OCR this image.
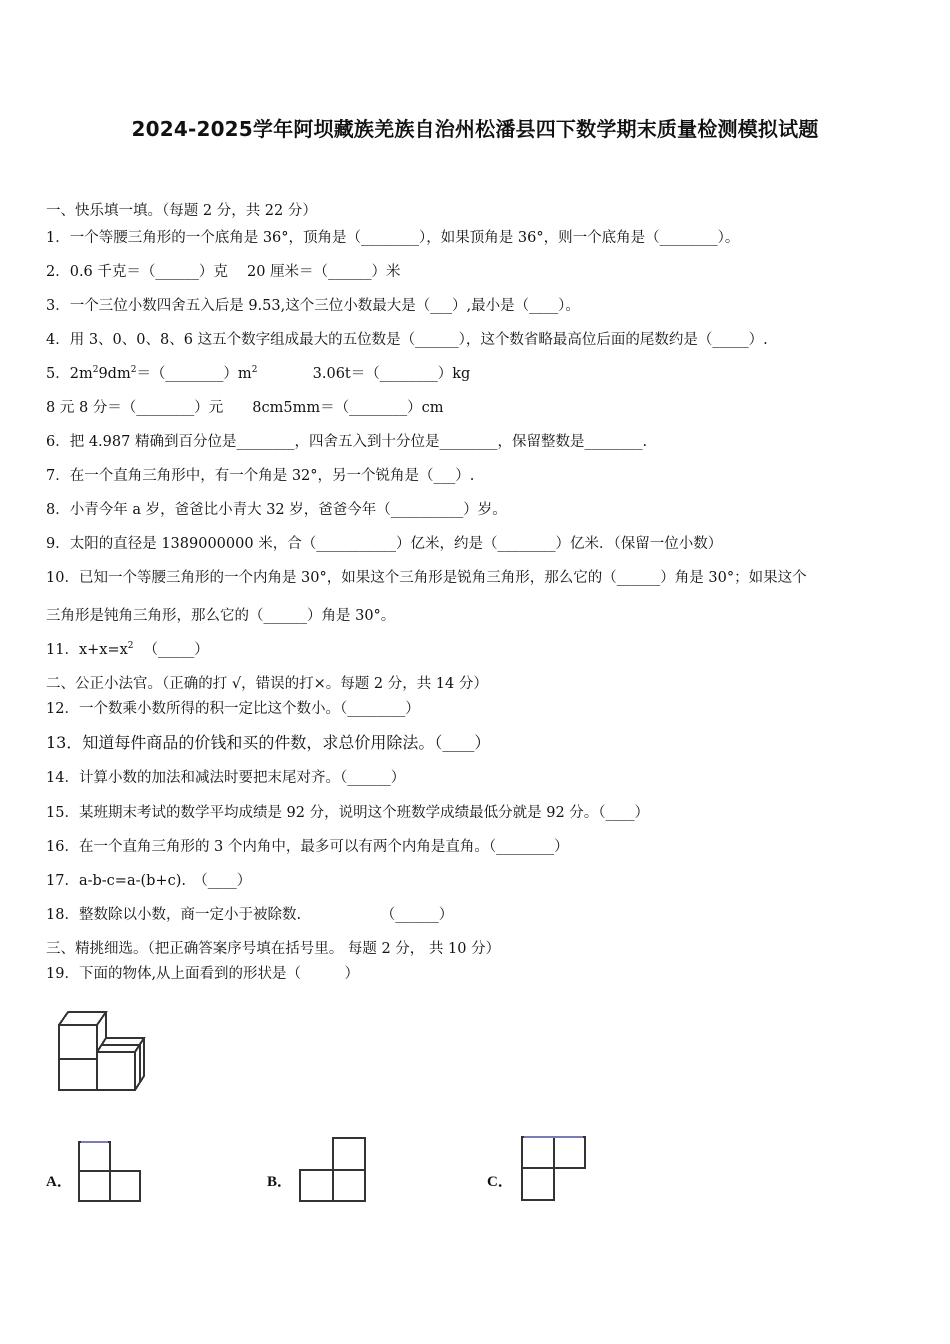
2024-2025学年阿坝藏族羌族自治州松潘县四下数学期末质量检测模拟试题
一、快乐填一填。（每题 2 分，共 22 分）
1．一个等腰三角形的一个底角是 36°，顶角是（________），如果顶角是 36°，则一个底角是（________）。
2．0.6 千克＝（______）克　 20 厘米＝（______）米
3．一个三位小数四舍五入后是 9.53,这个三位小数最大是（___）,最小是（____）。
4．用 3、0、0、8、6 这五个数字组成最大的五位数是（______），这个数省略最高位后面的尾数约是（_____）.
5．$2m^29dm^2=(\_\_\_\_\_\_\_\_)m^2$	3.06t＝（________）kg
8 元 8 分＝（________）元　　8cm5mm＝（________）cm
6．把 4.987 精确到百分位是________，四舍五入到十分位是________，保留整数是________.
7．在一个直角三角形中，有一个角是 32°，另一个锐角是（___）.
8．小青今年 a 岁，爸爸比小青大 32 岁，爸爸今年（__________）岁。
9．太阳的直径是 1389000000 米，合（___________）亿米，约是（________）亿米．（保留一位小数）
10．已知一个等腰三角形的一个内角是 30°，如果这个三角形是锐角三角形，那么它的（______）角是 30°；如果这个
三角形是钝角三角形，那么它的（______）角是 30°。
11．$x+x=x^2$ （_____）
二、公正小法官。（正确的打 √，错误的打×。每题 2 分，共 14 分）
12．一个数乘小数所得的积一定比这个数小。（________）
13．知道每件商品的价钱和买的件数，求总价用除法。（____）
14．计算小数的加法和减法时要把末尾对齐。（______）
15．某班期末考试的数学平均成绩是 92 分，说明这个班数学成绩最低分就是 92 分。（____）
16．在一个直角三角形的 3 个内角中，最多可以有两个内角是直角。（________）
17．a-b-c=a-(b+c).　（____）
18．整数除以小数，商一定小于被除数.　　　　　　（______）
三、精挑细选。（把正确答案序号填在括号里。 每题 2 分， 共 10 分）
19．下面的物体,从上面看到的形状是（　　　）
A．	B．	C．
